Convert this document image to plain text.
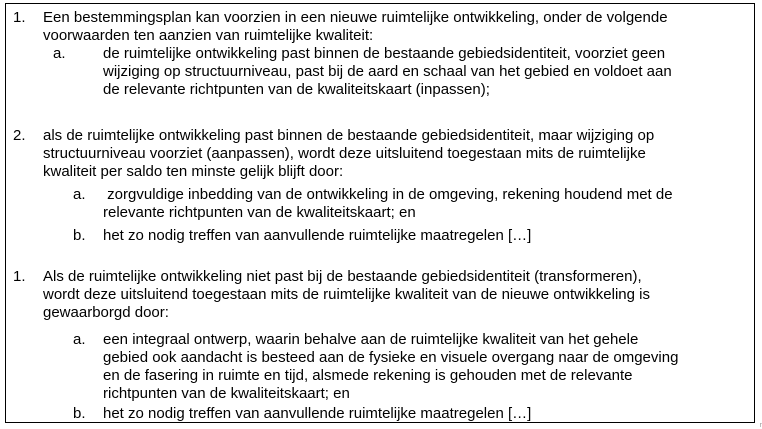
1. Een bestemmingsplan kan voorzien in een nieuwe ruimtelijke ontwikkeling, onder de volgende
voorwaarden ten aanzien van ruimtelijke kwaliteit:
a. de ruimtelijke ontwikkeling past binnen de bestaande gebiedsidentiteit, voorziet geen
wijziging op structuurniveau, past bij de aard en schaal van het gebied en voldoet aan
de relevante richtpunten van de kwaliteitskaart (inpassen);
2. als de ruimtelijke ontwikkeling past binnen de bestaande gebiedsidentiteit, maar wijziging op
structuurniveau voorziet (aanpassen), wordt deze uitsluitend toegestaan mits de ruimtelijke
kwaliteit per saldo ten minste gelijk blijft door:
a. zorgvuldige inbedding van de ontwikkeling in de omgeving, rekening houdend met de
relevante richtpunten van de kwaliteitskaart; en
b. het zo nodig treffen van aanvullende ruimtelijke maatregelen […]
1. Als de ruimtelijke ontwikkeling niet past bij de bestaande gebiedsidentiteit (transformeren),
wordt deze uitsluitend toegestaan mits de ruimtelijke kwaliteit van de nieuwe ontwikkeling is
gewaarborgd door:
a. een integraal ontwerp, waarin behalve aan de ruimtelijke kwaliteit van het gehele
gebied ook aandacht is besteed aan de fysieke en visuele overgang naar de omgeving
en de fasering in ruimte en tijd, alsmede rekening is gehouden met de relevante
richtpunten van de kwaliteitskaart; en
b. het zo nodig treffen van aanvullende ruimtelijke maatregelen […]
r
